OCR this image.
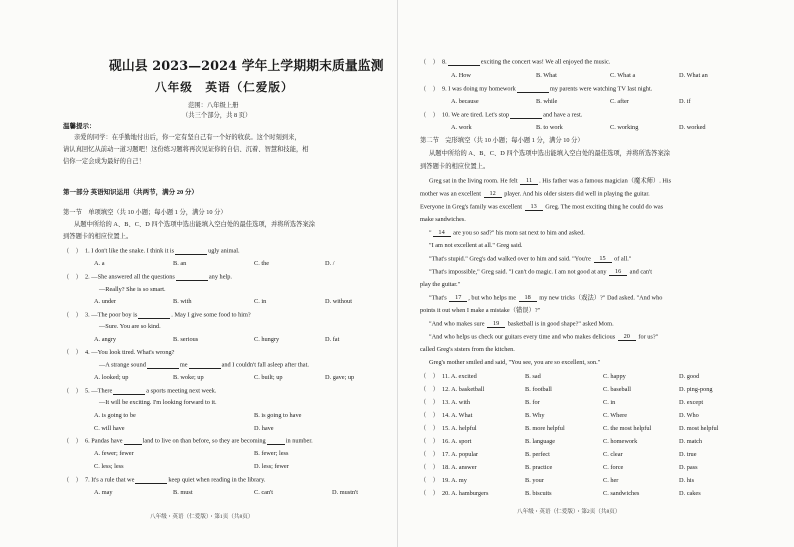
砚山县 2023—2024 学年上学期期末质量监测
八年级　英语（仁爱版）
范围：八年级上册
（共三个部分，共 8 页）
温馨提示：
亲爱的同学：在乎勤地付出后，你一定有坚自己有一个好的收获。这个时刻到来，
请认真回忆从前动一道习题吧！这份练习题将再次见证你的自信、沉着、智慧和技能，相
信你一定会成为最好的自己！
第一部分 英语知识运用（共两节，满分 20 分）
第一节　单项填空（共 10 小题；每小题 1 分，满分 10 分）
从题中所给的 A、B、C、D 四个选项中选出能填入空白处的最佳选项，并将所选答案涂
到答题卡的相应位置上。
（　） 1. I don't like the snake. I think it is	ugly animal.
A. a	B. an	C. the	D. /
（　） 2. —She answered all the questions	any help.
—Really? She is so smart.
A. under	B. with	C. in	D. without
（　） 3. —The poor boy is	. May I give some food to him?
—Sure. You are so kind.
A. angry	B. serious	C. hungry	D. fat
（　） 4. —You look tired. What's wrong?
—A strange sound	me	and I couldn't fall asleep after that.
A. looked; up	B. woke; up	C. built; up	D. gave; up
（　） 5. —There	a sports meeting next week.
—It will be exciting. I'm looking forward to it.
A. is going to be	B. is going to have
C. will have	D. have
（　） 6. Pandas have	land to live on than before, so they are becoming	in number.
A. fewer; fewer	B. fewer; less
C. less; less	D. less; fewer
（　） 7. It's a rule that we	keep quiet when reading in the library.
A. may	B. must	C. can't	D. mustn't
八年级・英语（仁爱版）・第1页（共8页）
（　） 8.	exciting the concert was! We all enjoyed the music.
A. How	B. What	C. What a	D. What an
（　） 9. I was doing my homework	my parents were watching TV last night.
A. because	B. while	C. after	D. if
（　） 10. We are tired. Let's stop	and have a rest.
A. work	B. to work	C. working	D. worked
第二节　完形填空（共 10 小题；每小题 1 分，满分 10 分）
从题中所给的 A、B、C、D 四个选项中选出能填入空白处的最佳选项，并将所选答案涂
到答题卡的相应位置上。
Greg sat in the living room. He felt 11 . His father was a famous magician（魔术师）. His
mother was an excellent 12 player. And his older sisters did well in playing the guitar.
Everyone in Greg's family was excellent 13 Greg. The most exciting thing he could do was
make sandwiches.
" 14 are you so sad?" his mom sat next to him and asked.
"I am not excellent at all." Greg said.
"That's stupid." Greg's dad walked over to him and said. "You're 15 of all."
"That's impossible," Greg said. "I can't do magic. I am not good at any 16 and can't
play the guitar."
"That's 17 , but who helps me 18 my new tricks（戏法）?" Dad asked. "And who
points it out when I make a mistake（错误）?"
"And who makes sure 19 basketball is in good shape?" asked Mom.
"And who helps us check our guitars every time and who makes delicious 20 for us?"
called Greg's sisters from the kitchen.
Greg's mother smiled and said, "You see, you are so excellent, son."
（　） 11. A. excited	B. sad	C. happy	D. good
（　） 12. A. basketball	B. football	C. baseball	D. ping-pong
（　） 13. A. with	B. for	C. in	D. except
（　） 14. A. What	B. Why	C. Where	D. Who
（　） 15. A. helpful	B. more helpful	C. the most helpful	D. most helpful
（　） 16. A. sport	B. language	C. homework	D. match
（　） 17. A. popular	B. perfect	C. clear	D. true
（　） 18. A. answer	B. practice	C. force	D. pass
（　） 19. A. my	B. your	C. her	D. his
（　） 20. A. hamburgers	B. biscuits	C. sandwiches	D. cakes
八年级・英语（仁爱版）・第2页（共8页）
